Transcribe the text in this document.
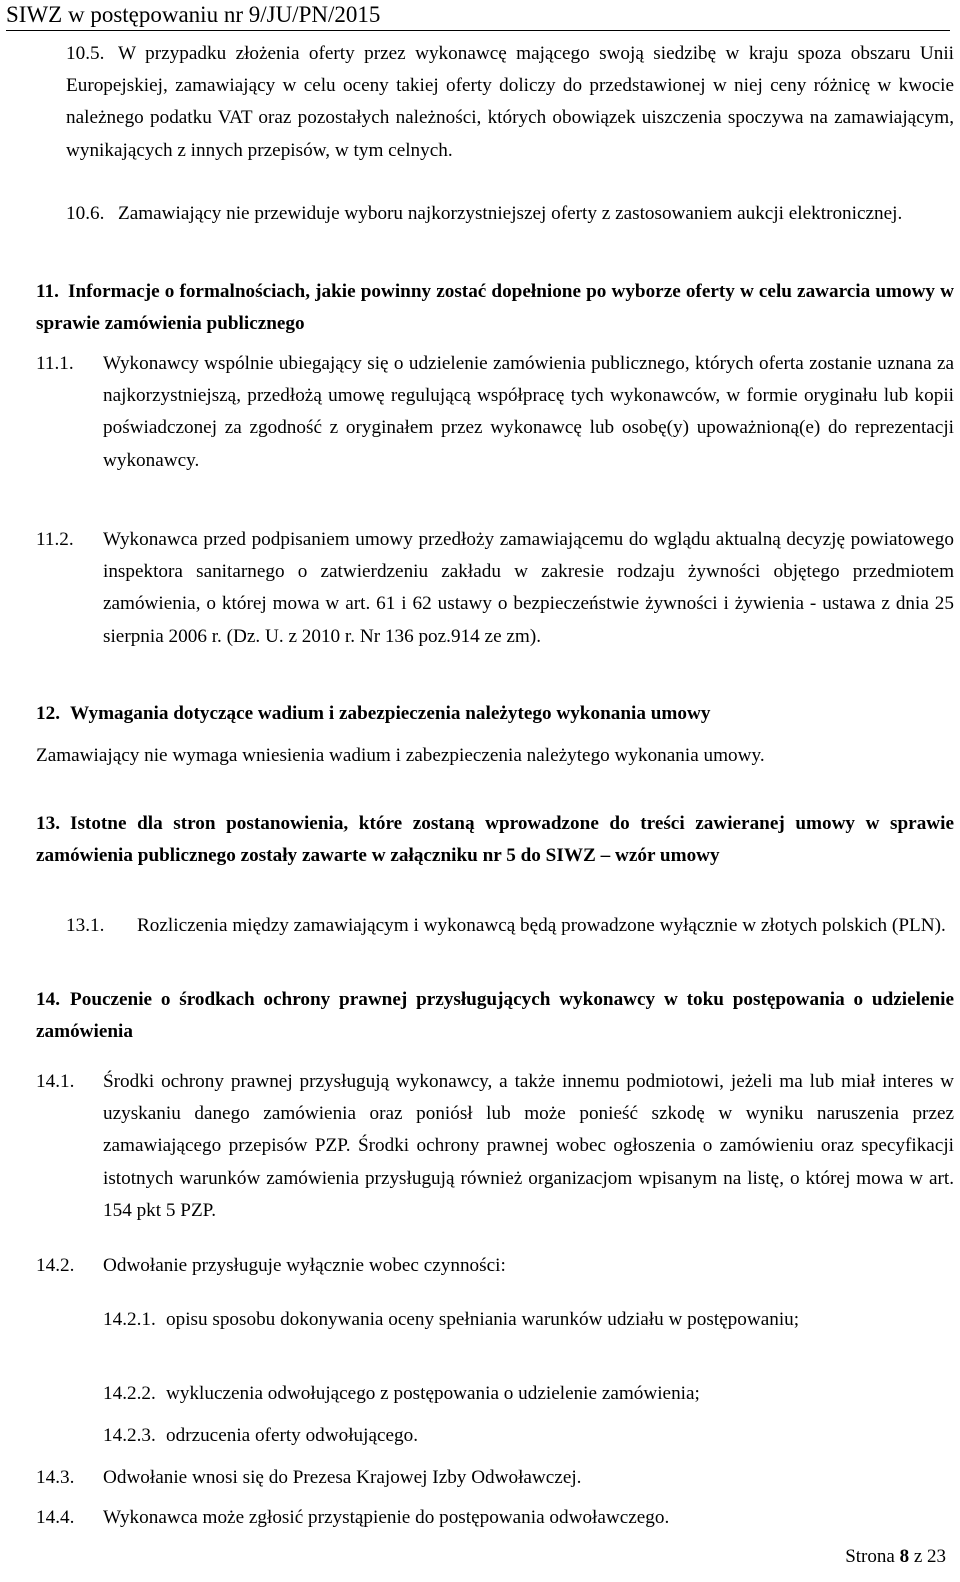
SIWZ w postępowaniu nr 9/JU/PN/2015
10.5. W przypadku złożenia oferty przez wykonawcę mającego swoją siedzibę w kraju spoza obszaru Unii Europejskiej, zamawiający w celu oceny takiej oferty doliczy do przedstawionej w niej ceny różnicę w kwocie należnego podatku VAT oraz pozostałych należności, których obowiązek uiszczenia spoczywa na zamawiającym, wynikających z innych przepisów, w tym celnych.
10.6. Zamawiający nie przewiduje wyboru najkorzystniejszej oferty z zastosowaniem aukcji elektronicznej.
11. Informacje o formalnościach, jakie powinny zostać dopełnione po wyborze oferty w celu zawarcia umowy w sprawie zamówienia publicznego
11.1. Wykonawcy wspólnie ubiegający się o udzielenie zamówienia publicznego, których oferta zostanie uznana za najkorzystniejszą, przedłożą umowę regulującą współpracę tych wykonawców, w formie oryginału lub kopii poświadczonej za zgodność z oryginałem przez wykonawcę lub osobę(y) upoważnioną(e) do reprezentacji wykonawcy.
11.2. Wykonawca przed podpisaniem umowy przedłoży zamawiającemu do wglądu aktualną decyzję powiatowego inspektora sanitarnego o zatwierdzeniu zakładu w zakresie rodzaju żywności objętego przedmiotem zamówienia, o której mowa w art. 61 i 62 ustawy o bezpieczeństwie żywności i żywienia - ustawa z dnia 25 sierpnia 2006 r. (Dz. U. z 2010 r. Nr 136 poz.914 ze zm).
12. Wymagania dotyczące wadium i zabezpieczenia należytego wykonania umowy
Zamawiający nie wymaga wniesienia wadium i zabezpieczenia należytego wykonania umowy.
13. Istotne dla stron postanowienia, które zostaną wprowadzone do treści zawieranej umowy w sprawie zamówienia publicznego zostały zawarte w załączniku nr 5 do SIWZ – wzór umowy
13.1.	Rozliczenia między zamawiającym i wykonawcą będą prowadzone wyłącznie w złotych polskich (PLN).
14. Pouczenie o środkach ochrony prawnej przysługujących wykonawcy w toku postępowania o udzielenie zamówienia
14.1. Środki ochrony prawnej przysługują wykonawcy, a także innemu podmiotowi, jeżeli ma lub miał interes w uzyskaniu danego zamówienia oraz poniósł lub może ponieść szkodę w wyniku naruszenia przez zamawiającego przepisów PZP. Środki ochrony prawnej wobec ogłoszenia o zamówieniu oraz specyfikacji istotnych warunków zamówienia przysługują również organizacjom wpisanym na listę, o której mowa w art. 154 pkt 5 PZP.
14.2. Odwołanie przysługuje wyłącznie wobec czynności:
14.2.1. opisu sposobu dokonywania oceny spełniania warunków udziału w postępowaniu;
14.2.2. wykluczenia odwołującego z postępowania o udzielenie zamówienia;
14.2.3. odrzucenia oferty odwołującego.
14.3. Odwołanie wnosi się do Prezesa Krajowej Izby Odwoławczej.
14.4. Wykonawca może zgłosić przystąpienie do postępowania odwoławczego.
Strona 8 z 23
